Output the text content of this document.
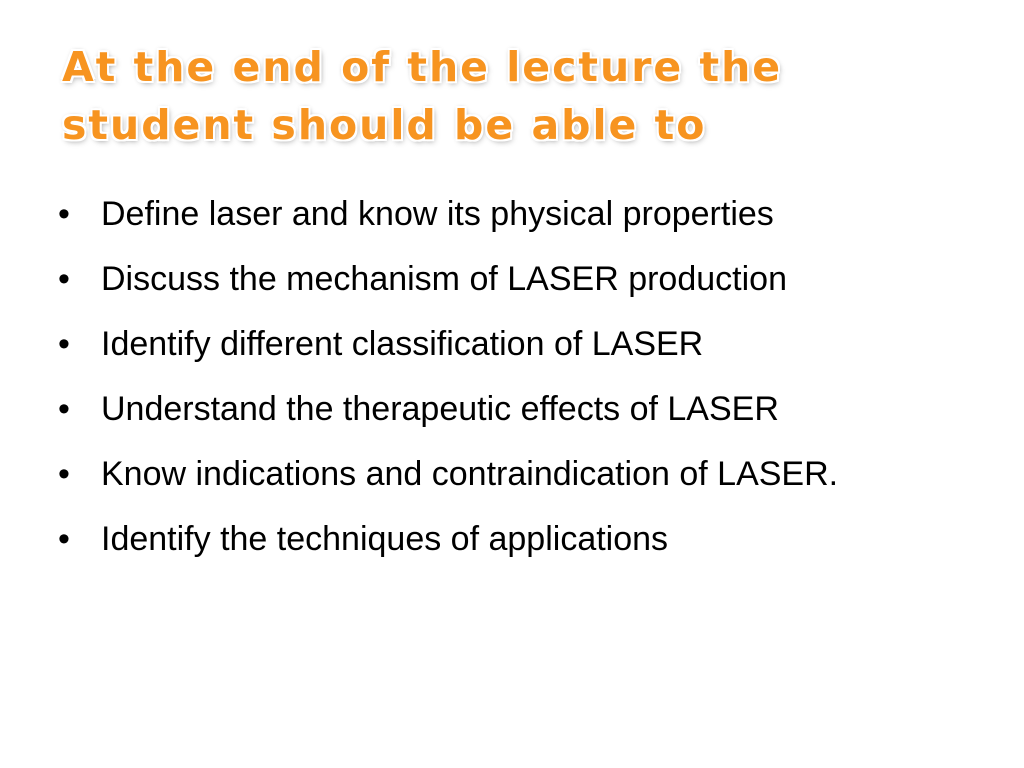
At the end of the lecture the
student should be able to
• Define laser and know its physical properties
• Discuss the mechanism of LASER production
• Identify different classification of LASER
• Understand the therapeutic effects of LASER
• Know indications and contraindication of LASER.
• Identify the techniques of applications
